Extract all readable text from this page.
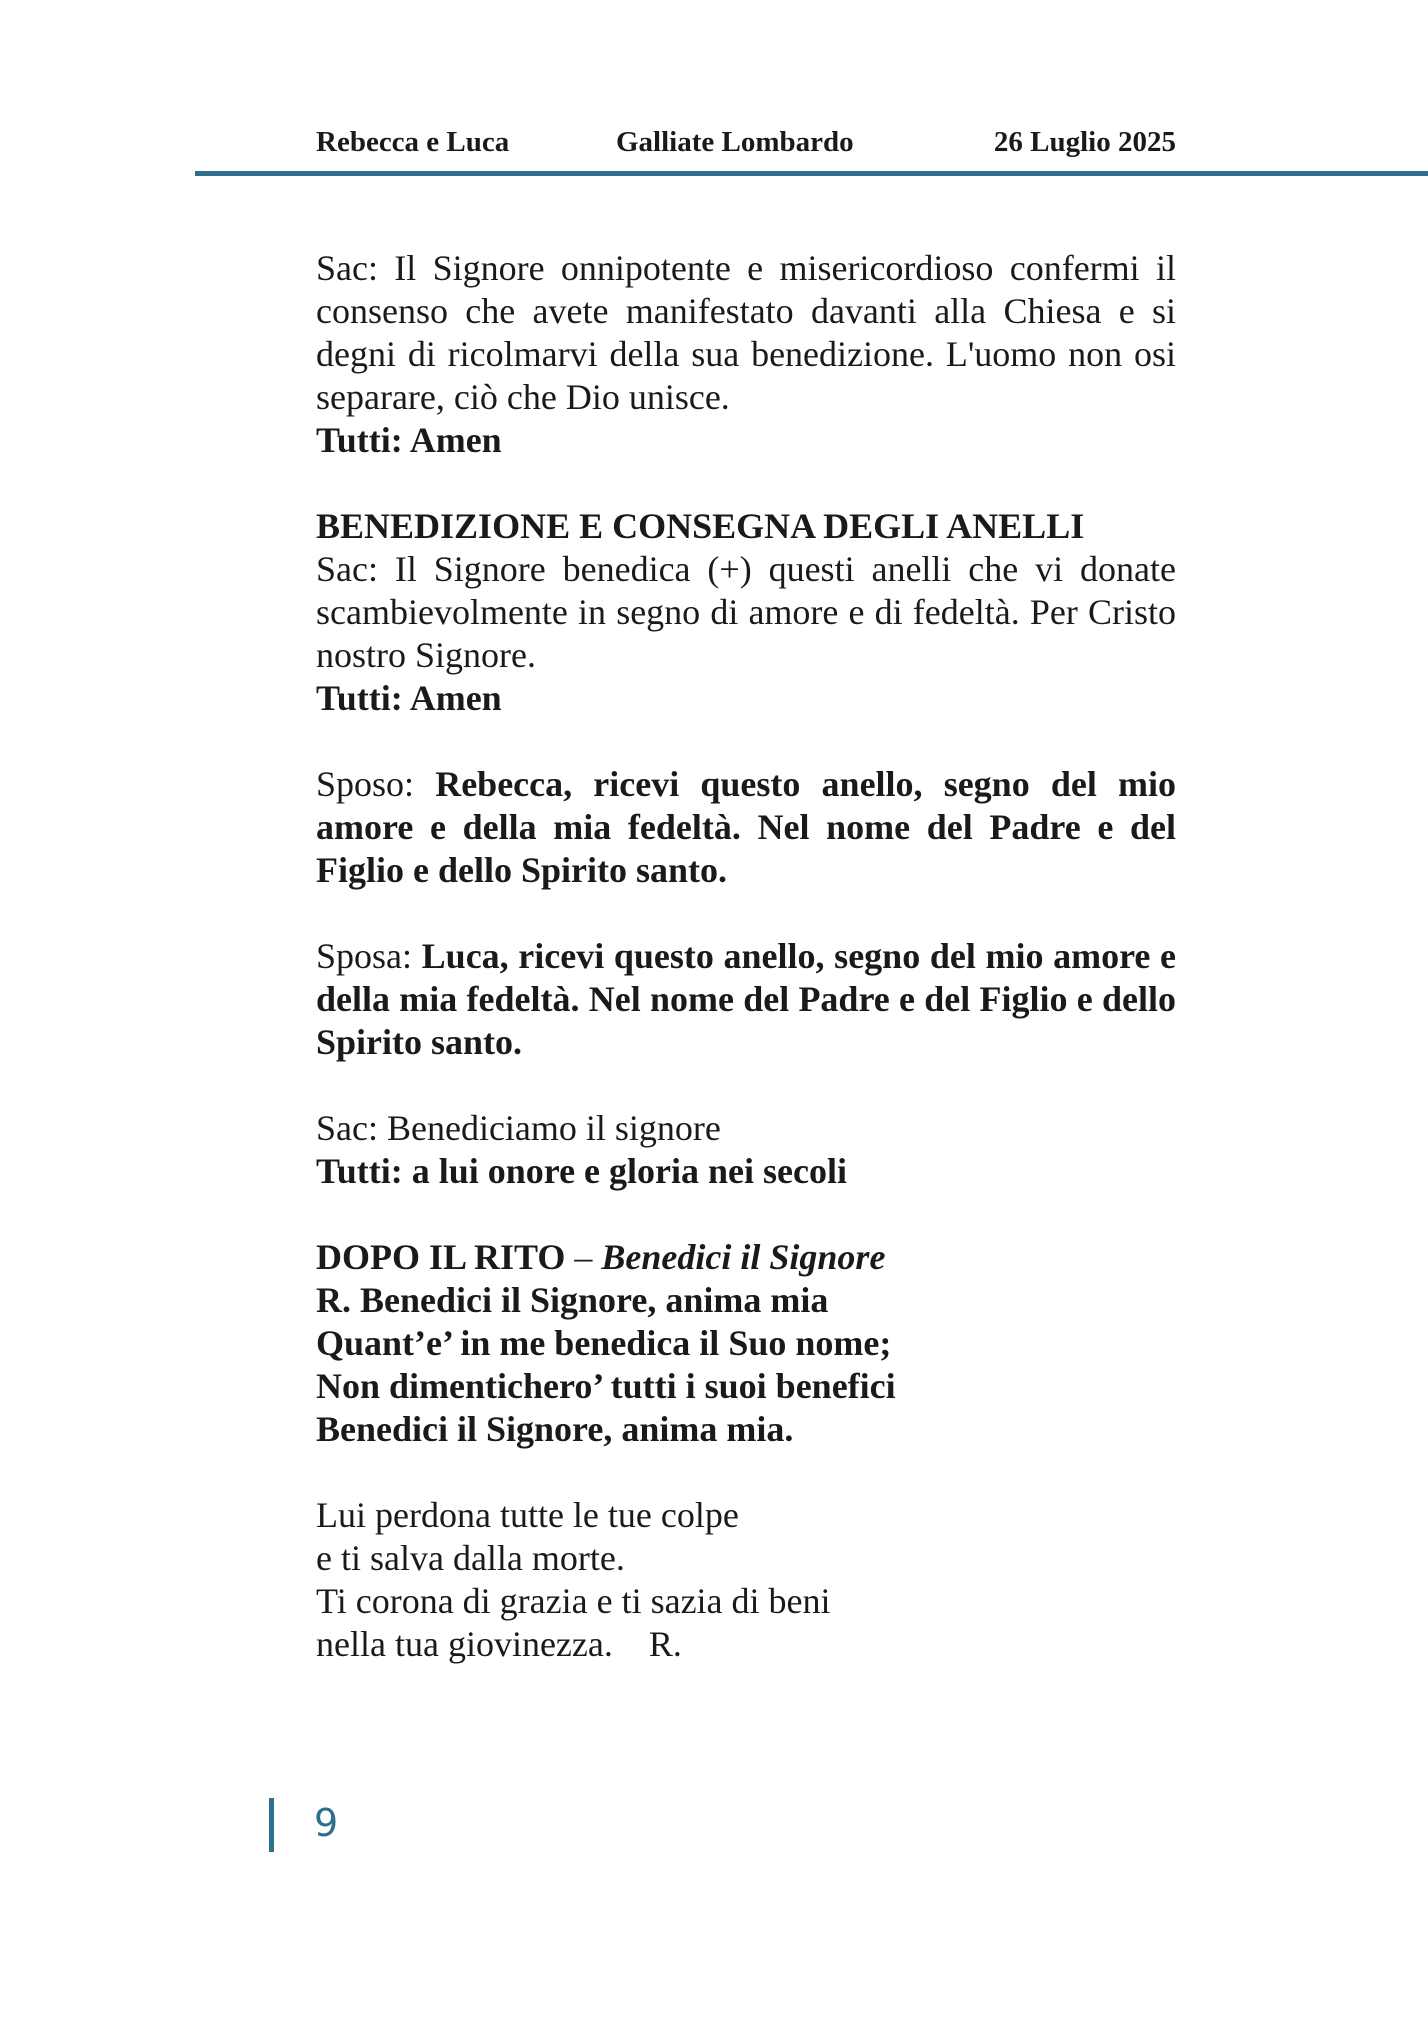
Rebecca e Luca	Galliate Lombardo	26 Luglio 2025

Sac: Il Signore onnipotente e misericordioso confermi il consenso che avete manifestato davanti alla Chiesa e si degni di ricolmarvi della sua benedizione. L'uomo non osi separare, ciò che Dio unisce.

Tutti: Amen

BENEDIZIONE E CONSEGNA DEGLI ANELLI

Sac: Il Signore benedica (+) questi anelli che vi donate scambievolmente in segno di amore e di fedeltà. Per Cristo nostro Signore.

Tutti: Amen

Sposo: Rebecca, ricevi questo anello, segno del mio amore e della mia fedeltà. Nel nome del Padre e del Figlio e dello Spirito santo.

Sposa: Luca, ricevi questo anello, segno del mio amore e della mia fedeltà. Nel nome del Padre e del Figlio e dello Spirito santo.

Sac: Benediciamo il signore

Tutti: a lui onore e gloria nei secoli

DOPO IL RITO – Benedici il Signore

R. Benedici il Signore, anima mia

Quant’e’ in me benedica il Suo nome;

Non dimentichero’ tutti i suoi benefici

Benedici il Signore, anima mia.

Lui perdona tutte le tue colpe

e ti salva dalla morte.

Ti corona di grazia e ti sazia di beni

nella tua giovinezza.    R.

9
